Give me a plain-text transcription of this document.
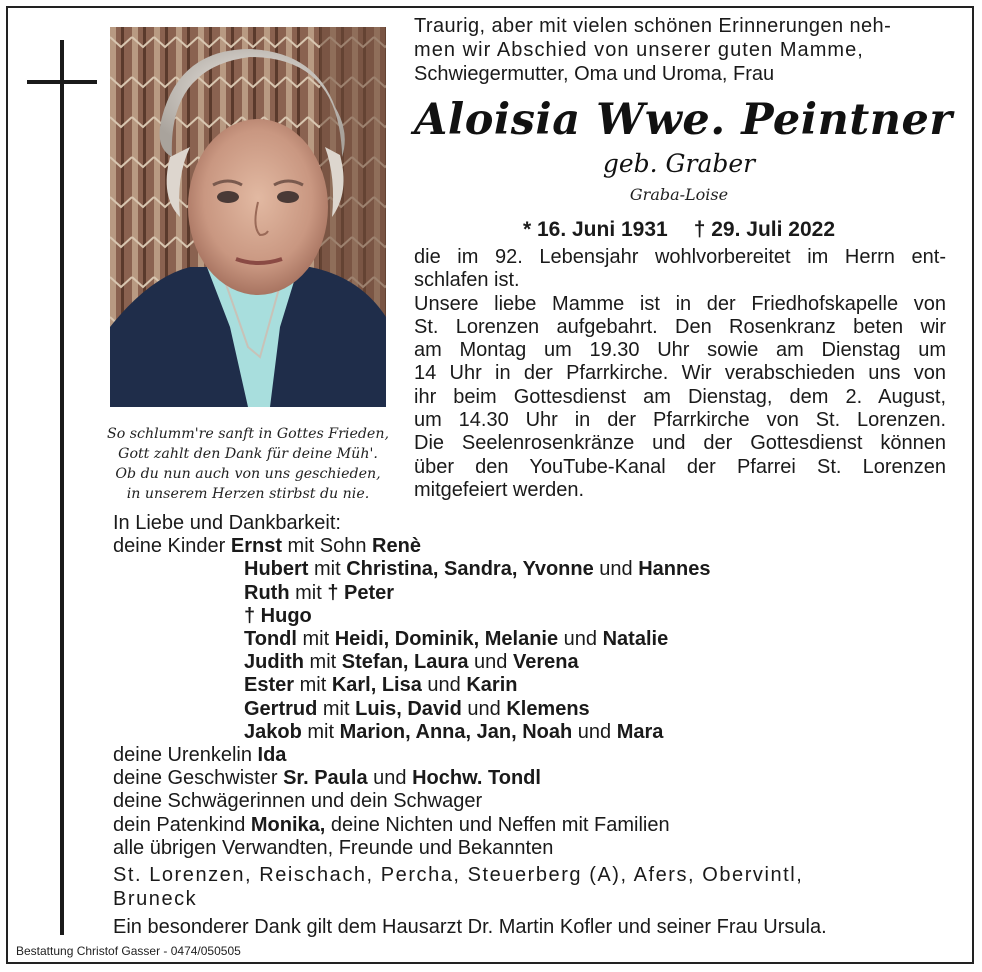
So schlumm're sanft in Gottes Frieden,
Gott zahlt den Dank für deine Müh'.
Ob du nun auch von uns geschieden,
in unserem Herzen stirbst du nie.
Traurig, aber mit vielen schönen Erinnerungen neh-
men wir Abschied von unserer guten Mamme,
Schwiegermutter, Oma und Uroma, Frau
Aloisia Wwe. Peintner
geb. Graber
Graba-Loise
* 16. Juni 1931 † 29. Juli 2022
die im 92. Lebensjahr wohlvorbereitet im Herrn ent-
schlafen ist.
Unsere liebe Mamme ist in der Friedhofskapelle von
St. Lorenzen aufgebahrt. Den Rosenkranz beten wir
am Montag um 19.30 Uhr sowie am Dienstag um
14 Uhr in der Pfarrkirche. Wir verabschieden uns von
ihr beim Gottesdienst am Dienstag, dem 2. August,
um 14.30 Uhr in der Pfarrkirche von St. Lorenzen.
Die Seelenrosenkränze und der Gottesdienst können
über den YouTube-Kanal der Pfarrei St. Lorenzen
mitgefeiert werden.
In Liebe und Dankbarkeit:
deine Kinder Ernst mit Sohn Renè
Hubert mit Christina, Sandra, Yvonne und Hannes
Ruth mit † Peter
† Hugo
Tondl mit Heidi, Dominik, Melanie und Natalie
Judith mit Stefan, Laura und Verena
Ester mit Karl, Lisa und Karin
Gertrud mit Luis, David und Klemens
Jakob mit Marion, Anna, Jan, Noah und Mara
deine Urenkelin Ida
deine Geschwister Sr. Paula und Hochw. Tondl
deine Schwägerinnen und dein Schwager
dein Patenkind Monika, deine Nichten und Neffen mit Familien
alle übrigen Verwandten, Freunde und Bekannten
St. Lorenzen, Reischach, Percha, Steuerberg (A), Afers, Obervintl,
Bruneck
Ein besonderer Dank gilt dem Hausarzt Dr. Martin Kofler und seiner Frau Ursula.
Bestattung Christof Gasser - 0474/050505
